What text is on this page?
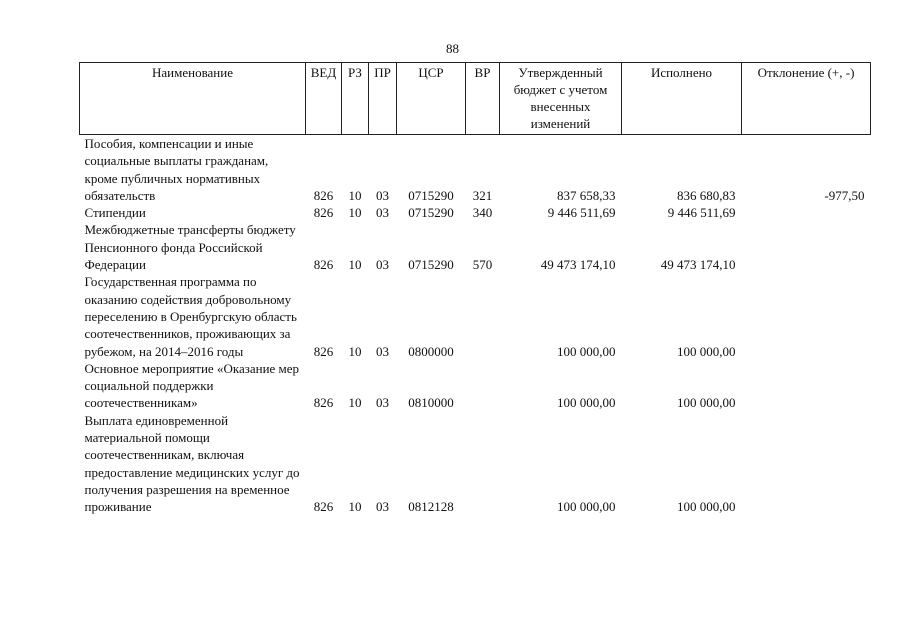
88
Наименование	ВЕД	РЗ	ПР	ЦСР	ВР	Утвержденный бюджет с учетом внесенных изменений	Исполнено	Отклонение (+, -)
Пособия, компенсации и иные социальные выплаты гражданам, кроме публичных нормативных обязательств	826	10	03	0715290	321	837 658,33	836 680,83	-977,50
Стипендии	826	10	03	0715290	340	9 446 511,69	9 446 511,69	
Межбюджетные трансферты бюджету Пенсионного фонда Российской Федерации	826	10	03	0715290	570	49 473 174,10	49 473 174,10	
Государственная программа по оказанию содействия добровольному переселению в Оренбургскую область соотечественников, проживающих за рубежом, на 2014–2016 годы	826	10	03	0800000		100 000,00	100 000,00	
Основное мероприятие «Оказание мер социальной поддержки соотечественникам»	826	10	03	0810000		100 000,00	100 000,00	
Выплата единовременной материальной помощи соотечественникам, включая предоставление медицинских услуг до получения разрешения на временное проживание	826	10	03	0812128		100 000,00	100 000,00	
